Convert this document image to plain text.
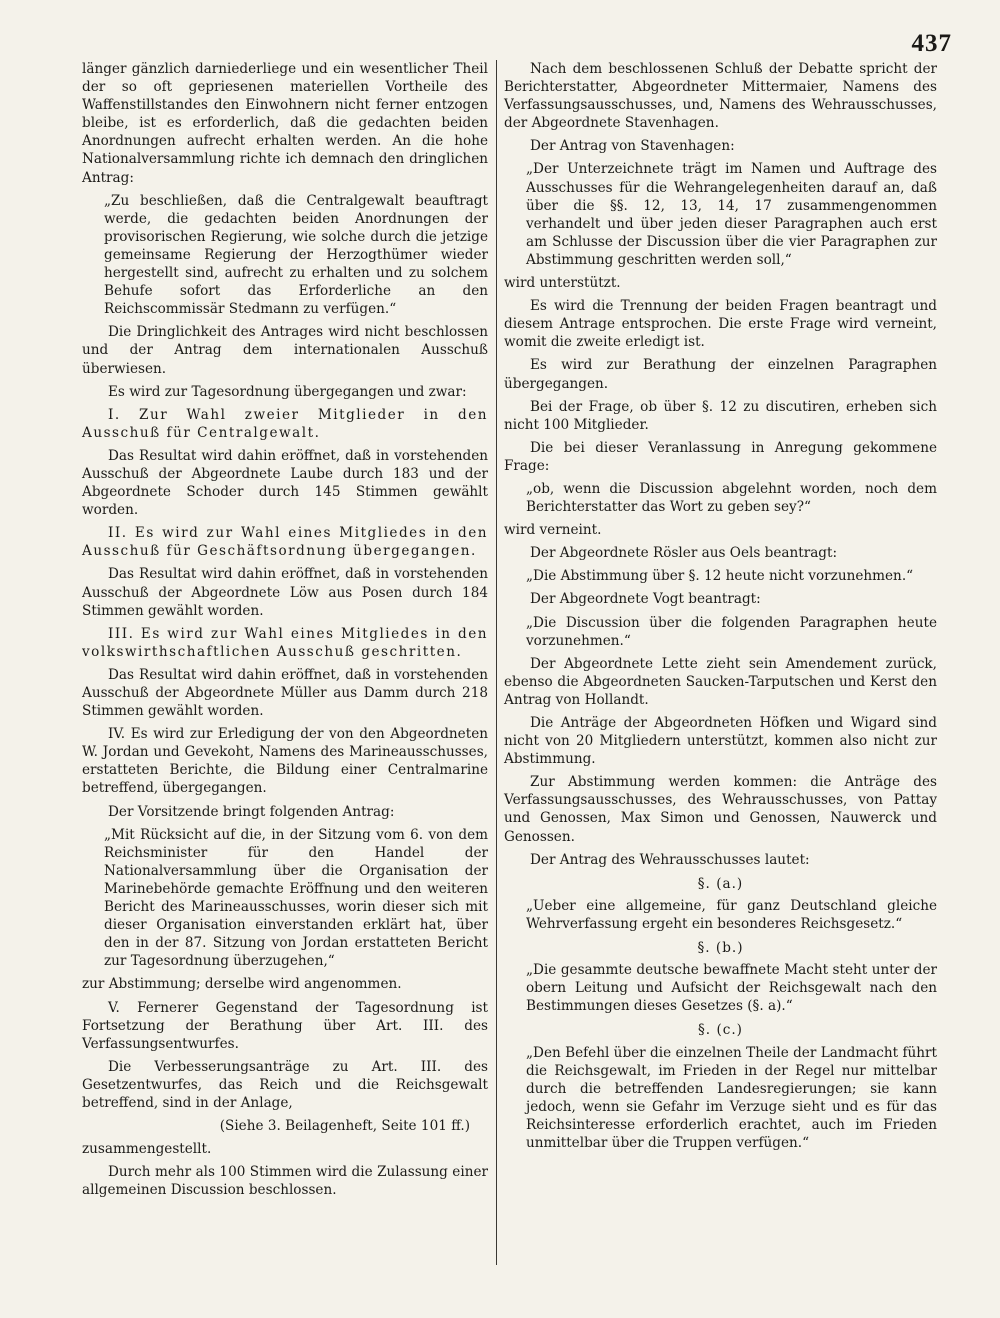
437

länger gänzlich darniederliege und ein wesentlicher Theil der so oft gepriesenen materiellen Vortheile des Waffenstillstandes den Einwohnern nicht ferner entzogen bleibe, ist es erforderlich, daß die gedachten beiden Anordnungen aufrecht erhalten werden. An die hohe Nationalversammlung richte ich demnach den dringlichen Antrag:

„Zu beschließen, daß die Centralgewalt beauftragt werde, die gedachten beiden Anordnungen der provisorischen Regierung, wie solche durch die jetzige gemeinsame Regierung der Herzogthümer wieder hergestellt sind, aufrecht zu erhalten und zu solchem Behufe sofort das Erforderliche an den Reichscommissär Stedmann zu verfügen.“

Die Dringlichkeit des Antrages wird nicht beschlossen und der Antrag dem internationalen Ausschuß überwiesen.

Es wird zur Tagesordnung übergegangen und zwar:

I. Zur Wahl zweier Mitglieder in den Ausschuß für Centralgewalt.

Das Resultat wird dahin eröffnet, daß in vorstehenden Ausschuß der Abgeordnete Laube durch 183 und der Abgeordnete Schoder durch 145 Stimmen gewählt worden.

II. Es wird zur Wahl eines Mitgliedes in den Ausschuß für Geschäftsordnung übergegangen.

Das Resultat wird dahin eröffnet, daß in vorstehenden Ausschuß der Abgeordnete Löw aus Posen durch 184 Stimmen gewählt worden.

III. Es wird zur Wahl eines Mitgliedes in den volkswirthschaftlichen Ausschuß geschritten.

Das Resultat wird dahin eröffnet, daß in vorstehenden Ausschuß der Abgeordnete Müller aus Damm durch 218 Stimmen gewählt worden.

IV. Es wird zur Erledigung der von den Abgeordneten W. Jordan und Gevekoht, Namens des Marineausschusses, erstatteten Berichte, die Bildung einer Centralmarine betreffend, übergegangen.

Der Vorsitzende bringt folgenden Antrag:

„Mit Rücksicht auf die, in der Sitzung vom 6. von dem Reichsminister für den Handel der Nationalversammlung über die Organisation der Marinebehörde gemachte Eröffnung und den weiteren Bericht des Marineausschusses, worin dieser sich mit dieser Organisation einverstanden erklärt hat, über den in der 87. Sitzung von Jordan erstatteten Bericht zur Tagesordnung überzugehen,“

zur Abstimmung; derselbe wird angenommen.

V. Fernerer Gegenstand der Tagesordnung ist Fortsetzung der Berathung über Art. III. des Verfassungsentwurfes.

Die Verbesserungsanträge zu Art. III. des Gesetzentwurfes, das Reich und die Reichsgewalt betreffend, sind in der Anlage,

(Siehe 3. Beilagenheft, Seite 101 ff.)

zusammengestellt.

Durch mehr als 100 Stimmen wird die Zulassung einer allgemeinen Discussion beschlossen.

Nach dem beschlossenen Schluß der Debatte spricht der Berichterstatter, Abgeordneter Mittermaier, Namens des Verfassungsausschusses, und, Namens des Wehrausschusses, der Abgeordnete Stavenhagen.

Der Antrag von Stavenhagen:

„Der Unterzeichnete trägt im Namen und Auftrage des Ausschusses für die Wehrangelegenheiten darauf an, daß über die §§. 12, 13, 14, 17 zusammengenommen verhandelt und über jeden dieser Paragraphen auch erst am Schlusse der Discussion über die vier Paragraphen zur Abstimmung geschritten werden soll,“

wird unterstützt.

Es wird die Trennung der beiden Fragen beantragt und diesem Antrage entsprochen. Die erste Frage wird verneint, womit die zweite erledigt ist.

Es wird zur Berathung der einzelnen Paragraphen übergegangen.

Bei der Frage, ob über §. 12 zu discutiren, erheben sich nicht 100 Mitglieder.

Die bei dieser Veranlassung in Anregung gekommene Frage:

„ob, wenn die Discussion abgelehnt worden, noch dem Berichterstatter das Wort zu geben sey?“

wird verneint.

Der Abgeordnete Rösler aus Oels beantragt:

„Die Abstimmung über §. 12 heute nicht vorzunehmen.“

Der Abgeordnete Vogt beantragt:

„Die Discussion über die folgenden Paragraphen heute vorzunehmen.“

Der Abgeordnete Lette zieht sein Amendement zurück, ebenso die Abgeordneten Saucken-Tarputschen und Kerst den Antrag von Hollandt.

Die Anträge der Abgeordneten Höfken und Wigard sind nicht von 20 Mitgliedern unterstützt, kommen also nicht zur Abstimmung.

Zur Abstimmung werden kommen: die Anträge des Verfassungsausschusses, des Wehrausschusses, von Pattay und Genossen, Max Simon und Genossen, Nauwerck und Genossen.

Der Antrag des Wehrausschusses lautet:

§. (a.)

„Ueber eine allgemeine, für ganz Deutschland gleiche Wehrverfassung ergeht ein besonderes Reichsgesetz.“

§. (b.)

„Die gesammte deutsche bewaffnete Macht steht unter der obern Leitung und Aufsicht der Reichsgewalt nach den Bestimmungen dieses Gesetzes (§. a).“

§. (c.)

„Den Befehl über die einzelnen Theile der Landmacht führt die Reichsgewalt, im Frieden in der Regel nur mittelbar durch die betreffenden Landesregierungen; sie kann jedoch, wenn sie Gefahr im Verzuge sieht und es für das Reichsinteresse erforderlich erachtet, auch im Frieden unmittelbar über die Truppen verfügen.“
